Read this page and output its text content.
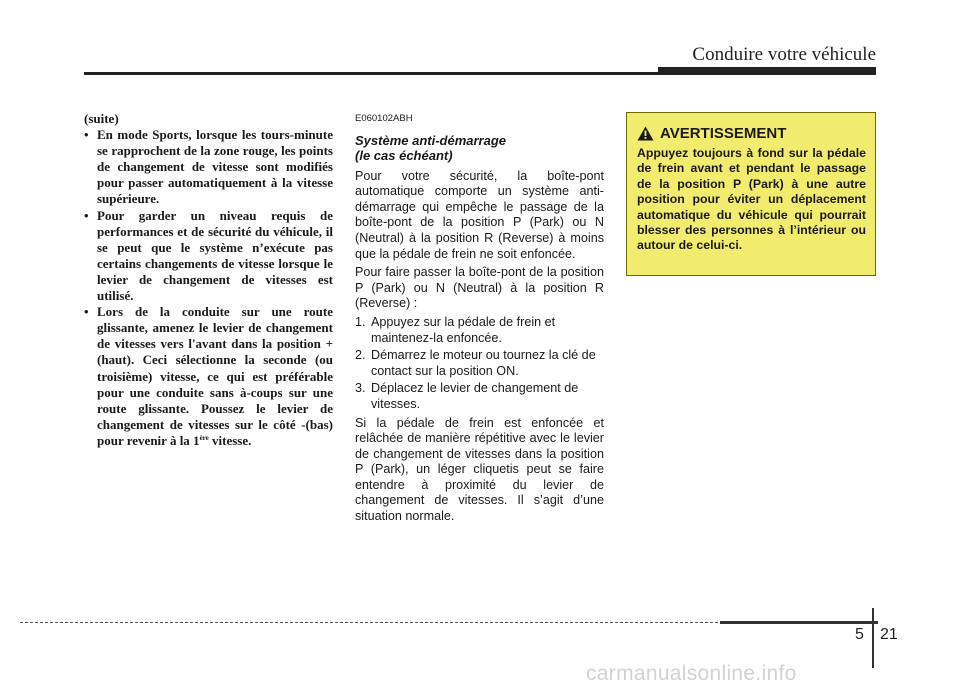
Conduire votre véhicule

(suite)

• En mode Sports, lorsque les tours-minute se rapprochent de la zone rouge, les points de changement de vitesse sont modifiés pour passer automatiquement à la vitesse supérieure.
• Pour garder un niveau requis de performances et de sécurité du véhicule, il se peut que le système n’exécute pas certains changements de vitesse lorsque le levier de changement de vitesses est utilisé.
• Lors de la conduite sur une route glissante, amenez le levier de changement de vitesses vers l'avant dans la position +(haut). Ceci sélectionne la seconde (ou troisième) vitesse, ce qui est préférable pour une conduite sans à-coups sur une route glissante. Poussez le levier de changement de vitesses sur le côté -(bas) pour revenir à la 1ère vitesse.

E060102ABH

Système anti-démarrage
(le cas échéant)

Pour votre sécurité, la boîte-pont automatique comporte un système anti-démarrage qui empêche le passage de la boîte-pont de la position P (Park) ou N (Neutral) à la position R (Reverse) à moins que la pédale de frein ne soit enfoncée.

Pour faire passer la boîte-pont de la position P (Park) ou N (Neutral) à la position R (Reverse) :

1. Appuyez sur la pédale de frein et maintenez-la enfoncée.
2. Démarrez le moteur ou tournez la clé de contact sur la position ON.
3. Déplacez le levier de changement de vitesses.

Si la pédale de frein est enfoncée et relâchée de manière répétitive avec le levier de changement de vitesses dans la position P (Park), un léger cliquetis peut se faire entendre à proximité du levier de changement de vitesses. Il s’agit d’une situation normale.

AVERTISSEMENT

Appuyez toujours à fond sur la pédale de frein avant et pendant le passage de la position P (Park) à une autre position pour éviter un déplacement automatique du véhicule qui pourrait blesser des personnes à l’intérieur ou autour de celui-ci.

5 21
carmanualsonline.info
